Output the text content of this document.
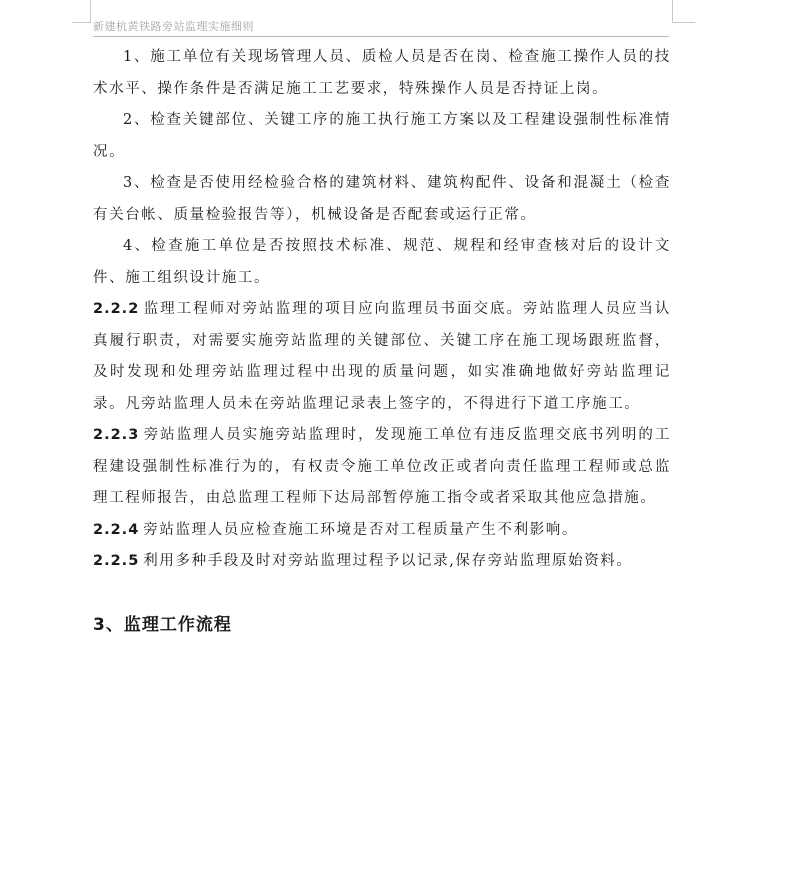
新建杭黄铁路旁站监理实施细则

1、施工单位有关现场管理人员、质检人员是否在岗、检查施工操作人员的技术水平、操作条件是否满足施工工艺要求，特殊操作人员是否持证上岗。

2、检查关键部位、关键工序的施工执行施工方案以及工程建设强制性标准情况。

3、检查是否使用经检验合格的建筑材料、建筑构配件、设备和混凝土（检查有关台帐、质量检验报告等），机械设备是否配套或运行正常。

4、检查施工单位是否按照技术标准、规范、规程和经审查核对后的设计文件、施工组织设计施工。

2.2.2 监理工程师对旁站监理的项目应向监理员书面交底。旁站监理人员应当认真履行职责，对需要实施旁站监理的关键部位、关键工序在施工现场跟班监督，及时发现和处理旁站监理过程中出现的质量问题，如实准确地做好旁站监理记录。凡旁站监理人员未在旁站监理记录表上签字的，不得进行下道工序施工。

2.2.3 旁站监理人员实施旁站监理时，发现施工单位有违反监理交底书列明的工程建设强制性标准行为的，有权责令施工单位改正或者向责任监理工程师或总监理工程师报告，由总监理工程师下达局部暂停施工指令或者采取其他应急措施。

2.2.4 旁站监理人员应检查施工环境是否对工程质量产生不利影响。

2.2.5 利用多种手段及时对旁站监理过程予以记录,保存旁站监理原始资料。

3、监理工作流程
